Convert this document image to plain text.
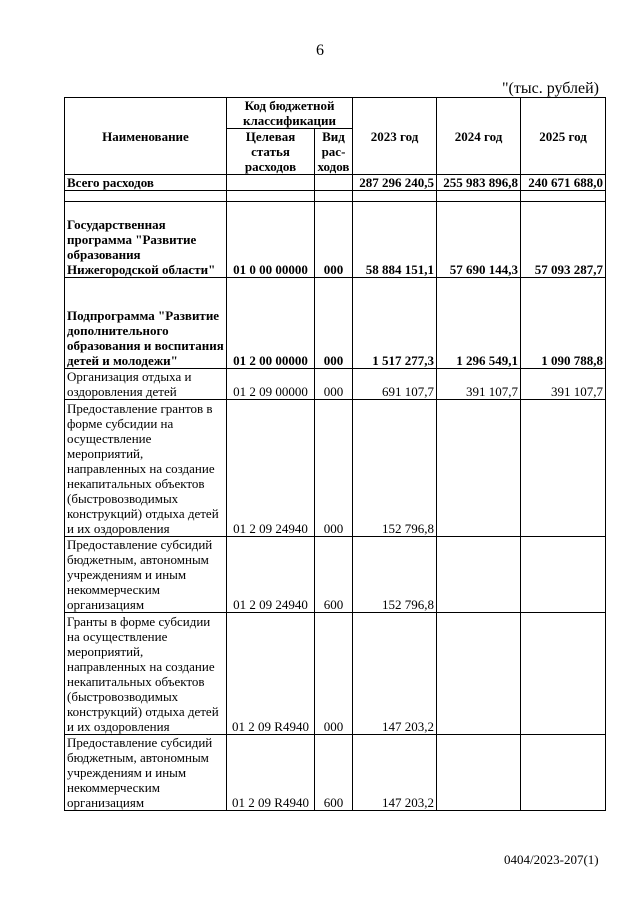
6
"(тыс. рублей)
Наименование	Код бюджетной классификации		2023 год	2024 год	2025 год
	Целевая статья расходов	Вид рас-ходов			
Всего расходов			287 296 240,5	255 983 896,8	240 671 688,0

Государственная программа "Развитие образования Нижегородской области"	01 0 00 00000	000	58 884 151,1	57 690 144,3	57 093 287,7
Подпрограмма "Развитие дополнительного образования и воспитания детей и молодежи"	01 2 00 00000	000	1 517 277,3	1 296 549,1	1 090 788,8
Организация отдыха и оздоровления детей	01 2 09 00000	000	691 107,7	391 107,7	391 107,7
Предоставление грантов в форме субсидии на осуществление мероприятий, направленных на создание некапитальных объектов (быстровозводимых конструкций) отдыха детей и их оздоровления	01 2 09 24940	000	152 796,8		
Предоставление субсидий бюджетным, автономным учреждениям и иным некоммерческим организациям	01 2 09 24940	600	152 796,8		
Гранты в форме субсидии на осуществление мероприятий, направленных на создание некапитальных объектов (быстровозводимых конструкций) отдыха детей и их оздоровления	01 2 09 R4940	000	147 203,2		
Предоставление субсидий бюджетным, автономным учреждениям и иным некоммерческим организациям	01 2 09 R4940	600	147 203,2		
0404/2023-207(1)
